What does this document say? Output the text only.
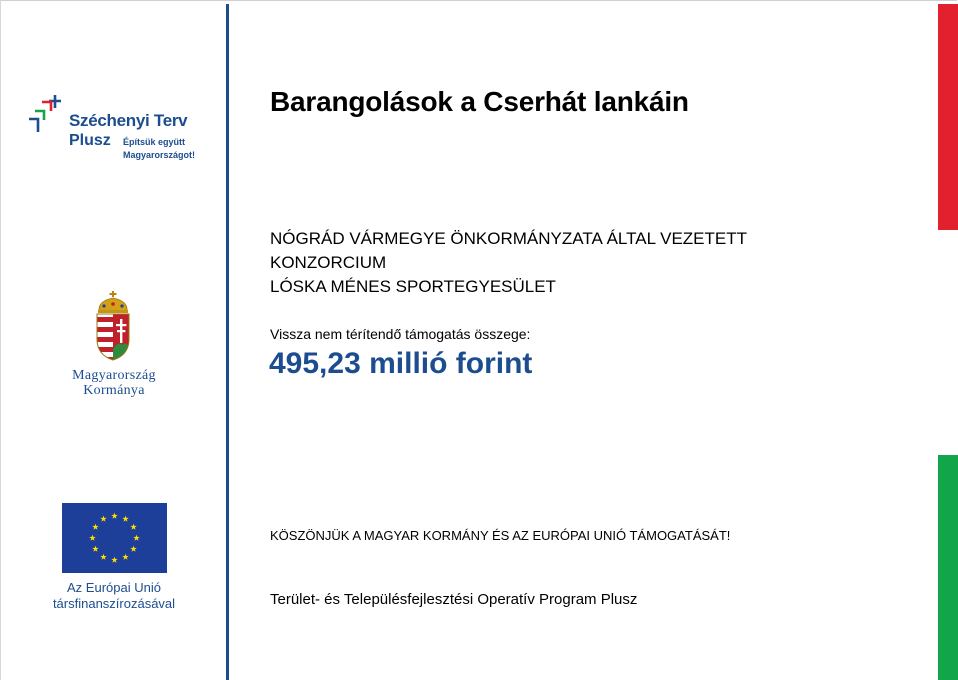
Széchenyi Terv
Plusz Építsük együtt
Magyarországot!
Magyarország
Kormánya
Az Európai Unió
társfinanszírozásával
Barangolások a Cserhát lankáin
NÓGRÁD VÁRMEGYE ÖNKORMÁNYZATA ÁLTAL VEZETETT
KONZORCIUM
LÓSKA MÉNES SPORTEGYESÜLET
Vissza nem térítendő támogatás összege:
495,23 millió forint
KÖSZÖNJÜK A MAGYAR KORMÁNY ÉS AZ EURÓPAI UNIÓ TÁMOGATÁSÁT!
Terület- és Településfejlesztési Operatív Program Plusz
